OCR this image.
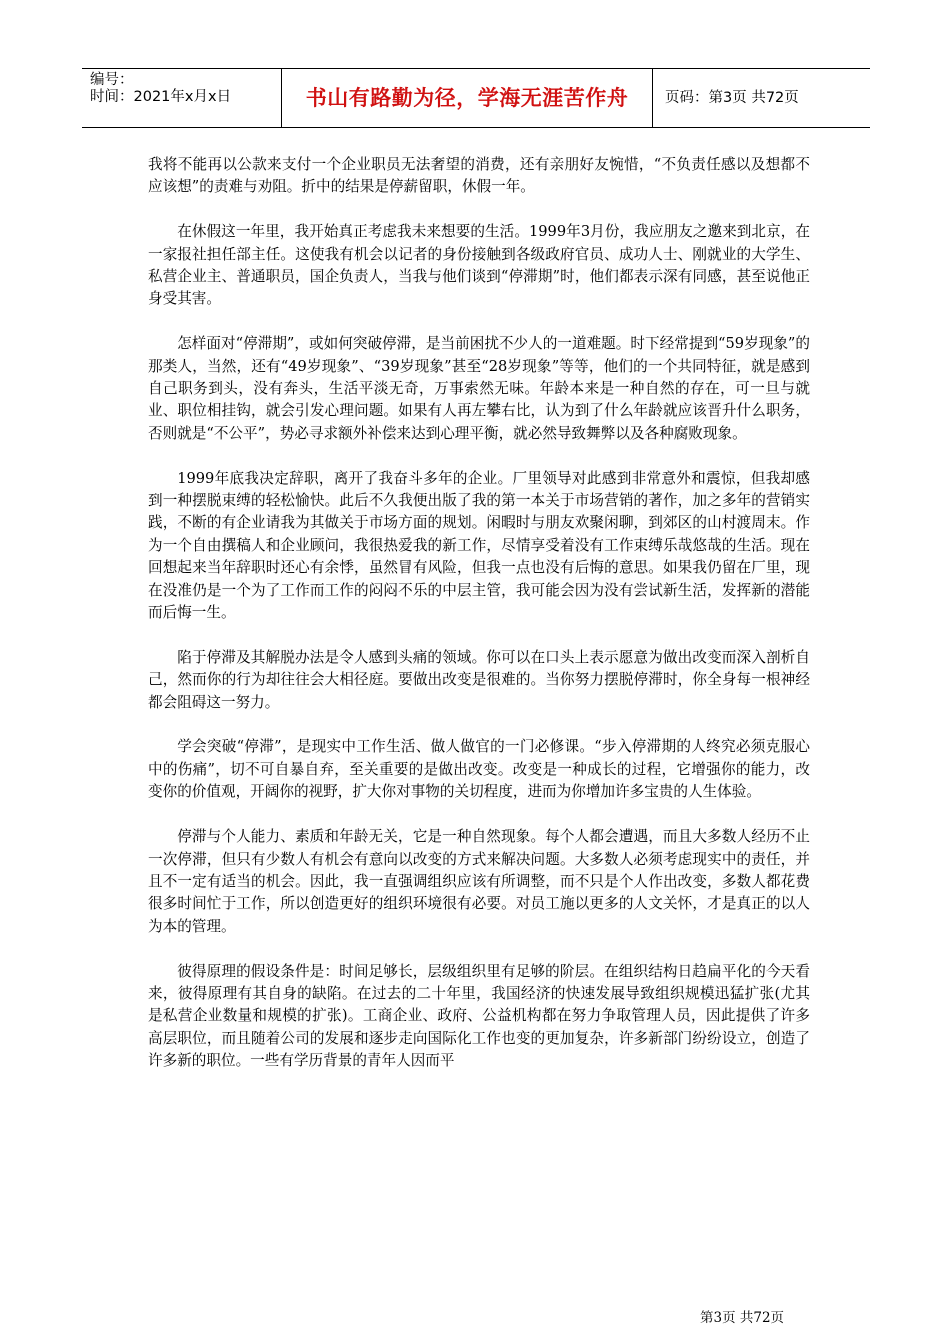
编号：
时间：2021年x月x日	书山有路勤为径，学海无涯苦作舟	页码：第3页 共72页

我将不能再以公款来支付一个企业职员无法奢望的消费，还有亲朋好友惋惜，“不负责任感以及想都不应该想”的责难与劝阻。折中的结果是停薪留职，休假一年。

在休假这一年里，我开始真正考虑我未来想要的生活。1999年3月份，我应朋友之邀来到北京，在一家报社担任部主任。这使我有机会以记者的身份接触到各级政府官员、成功人士、刚就业的大学生、私营企业主、普通职员，国企负责人，当我与他们谈到“停滞期”时，他们都表示深有同感，甚至说他正身受其害。

怎样面对“停滞期”，或如何突破停滞，是当前困扰不少人的一道难题。时下经常提到“59岁现象”的那类人，当然，还有“49岁现象”、“39岁现象”甚至“28岁现象”等等，他们的一个共同特征，就是感到自己职务到头，没有奔头，生活平淡无奇，万事索然无味。年龄本来是一种自然的存在，可一旦与就业、职位相挂钩，就会引发心理问题。如果有人再左攀右比，认为到了什么年龄就应该晋升什么职务，否则就是“不公平”，势必寻求额外补偿来达到心理平衡，就必然导致舞弊以及各种腐败现象。

1999年底我决定辞职，离开了我奋斗多年的企业。厂里领导对此感到非常意外和震惊，但我却感到一种摆脱束缚的轻松愉快。此后不久我便出版了我的第一本关于市场营销的著作，加之多年的营销实践，不断的有企业请我为其做关于市场方面的规划。闲暇时与朋友欢聚闲聊，到郊区的山村渡周末。作为一个自由撰稿人和企业顾问，我很热爱我的新工作，尽情享受着没有工作束缚乐哉悠哉的生活。现在回想起来当年辞职时还心有余悸，虽然冒有风险，但我一点也没有后悔的意思。如果我仍留在厂里，现在没准仍是一个为了工作而工作的闷闷不乐的中层主管，我可能会因为没有尝试新生活，发挥新的潜能而后悔一生。

陷于停滞及其解脱办法是令人感到头痛的领域。你可以在口头上表示愿意为做出改变而深入剖析自己，然而你的行为却往往会大相径庭。要做出改变是很难的。当你努力摆脱停滞时，你全身每一根神经都会阻碍这一努力。

学会突破“停滞”，是现实中工作生活、做人做官的一门必修课。“步入停滞期的人终究必须克服心中的伤痛”，切不可自暴自弃，至关重要的是做出改变。改变是一种成长的过程，它增强你的能力，改变你的价值观，开阔你的视野，扩大你对事物的关切程度，进而为你增加许多宝贵的人生体验。

停滞与个人能力、素质和年龄无关，它是一种自然现象。每个人都会遭遇，而且大多数人经历不止一次停滞，但只有少数人有机会有意向以改变的方式来解决问题。大多数人必须考虑现实中的责任，并且不一定有适当的机会。因此，我一直强调组织应该有所调整，而不只是个人作出改变，多数人都花费很多时间忙于工作，所以创造更好的组织环境很有必要。对员工施以更多的人文关怀，才是真正的以人为本的管理。

彼得原理的假设条件是：时间足够长，层级组织里有足够的阶层。在组织结构日趋扁平化的今天看来，彼得原理有其自身的缺陷。在过去的二十年里，我国经济的快速发展导致组织规模迅猛扩张(尤其是私营企业数量和规模的扩张)。工商企业、政府、公益机构都在努力争取管理人员，因此提供了许多高层职位，而且随着公司的发展和逐步走向国际化工作也变的更加复杂，许多新部门纷纷设立，创造了许多新的职位。一些有学历背景的青年人因而平

第3页 共72页
